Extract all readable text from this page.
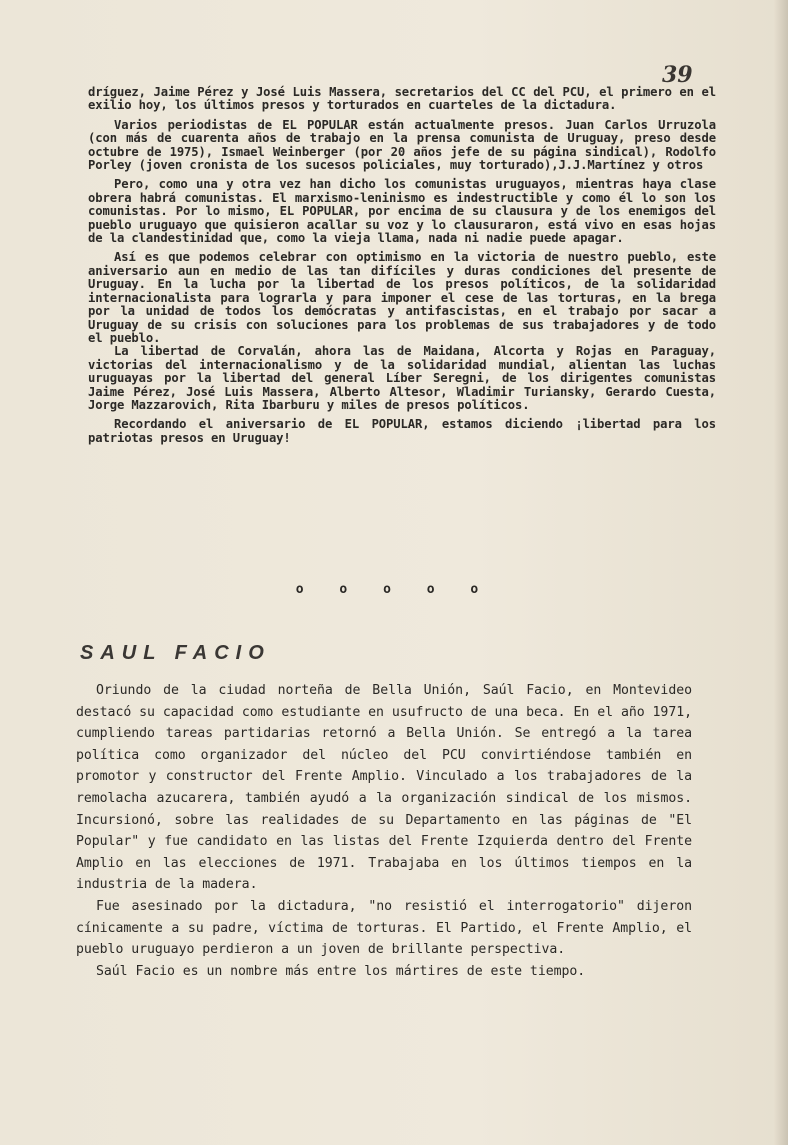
39

dríguez, Jaime Pérez y José Luis Massera, secretarios del CC del PCU, el primero en el exilio hoy, los últimos presos y torturados en cuarteles de la dictadura.

Varios periodistas de EL POPULAR están actualmente presos. Juan Carlos Urruzola (con más de cuarenta años de trabajo en la prensa comunista de Uruguay, preso desde octubre de 1975), Ismael Weinberger (por 20 años jefe de su página sindical), Rodolfo Porley (joven cronista de los sucesos policiales, muy torturado),J.J.Martínez y otros

Pero, como una y otra vez han dicho los comunistas uruguayos, mientras haya clase obrera habrá comunistas. El marxismo-leninismo es indestructible y como él lo son los comunistas. Por lo mismo, EL POPULAR, por encima de su clausura y de los enemigos del pueblo uruguayo que quisieron acallar su voz y lo clausuraron, está vivo en esas hojas de la clandestinidad que, como la vieja llama, nada ni nadie puede apagar.

Así es que podemos celebrar con optimismo en la victoria de nuestro pueblo, este aniversario aun en medio de las tan difíciles y duras condiciones del presente de Uruguay. En la lucha por la libertad de los presos políticos, de la solidaridad internacionalista para lograrla y para imponer el cese de las torturas, en la brega por la unidad de todos los demócratas y antifascistas, en el trabajo por sacar a Uruguay de su crisis con soluciones para los problemas de sus trabajadores y de todo el pueblo.

La libertad de Corvalán, ahora las de Maidana, Alcorta y Rojas en Paraguay, victorias del internacionalismo y de la solidaridad mundial, alientan las luchas uruguayas por la libertad del general Líber Seregni, de los dirigentes comunistas Jaime Pérez, José Luis Massera, Alberto Altesor, Wladimir Turiansky, Gerardo Cuesta, Jorge Mazzarovich, Rita Ibarburu y miles de presos políticos.

Recordando el aniversario de EL POPULAR, estamos diciendo ¡libertad para los patriotas presos en Uruguay!

o o o o o
SAUL FACIO

Oriundo de la ciudad norteña de Bella Unión, Saúl Facio, en Montevideo destacó su capacidad como estudiante en usufructo de una beca. En el año 1971, cumpliendo tareas partidarias retornó a Bella Unión. Se entregó a la tarea política como organizador del núcleo del PCU convirtiéndose también en promotor y constructor del Frente Amplio. Vinculado a los trabajadores de la remolacha azucarera, también ayudó a la organización sindical de los mismos. Incursionó, sobre las realidades de su Departamento en las páginas de "El Popular" y fue candidato en las listas del Frente Izquierda dentro del Frente Amplio en las elecciones de 1971. Trabajaba en los últimos tiempos en la industria de la madera.

Fue asesinado por la dictadura, "no resistió el interrogatorio" dijeron cínicamente a su padre, víctima de torturas. El Partido, el Frente Amplio, el pueblo uruguayo perdieron a un joven de brillante perspectiva.

Saúl Facio es un nombre más entre los mártires de este tiempo.
